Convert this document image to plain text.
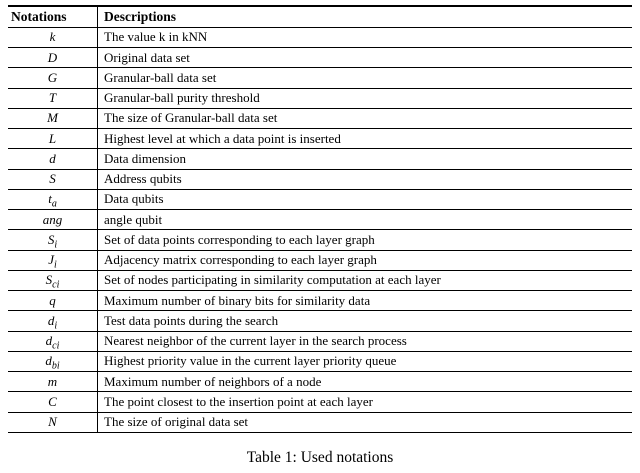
Notations	Descriptions
k	The value k in kNN
D	Original data set
G	Granular-ball data set
T	Granular-ball purity threshold
M	The size of Granular-ball data set
L	Highest level at which a data point is inserted
d	Data dimension
S	Address qubits
$t_a$	Data qubits
ang	angle qubit
$S_i$	Set of data points corresponding to each layer graph
$J_i$	Adjacency matrix corresponding to each layer graph
$S_{ci}$	Set of nodes participating in similarity computation at each layer
q	Maximum number of binary bits for similarity data
$d_i$	Test data points during the search
$d_{ci}$	Nearest neighbor of the current layer in the search process
$d_{bi}$	Highest priority value in the current layer priority queue
m	Maximum number of neighbors of a node
C	The point closest to the insertion point at each layer
N	The size of original data set
Table 1: Used notations
